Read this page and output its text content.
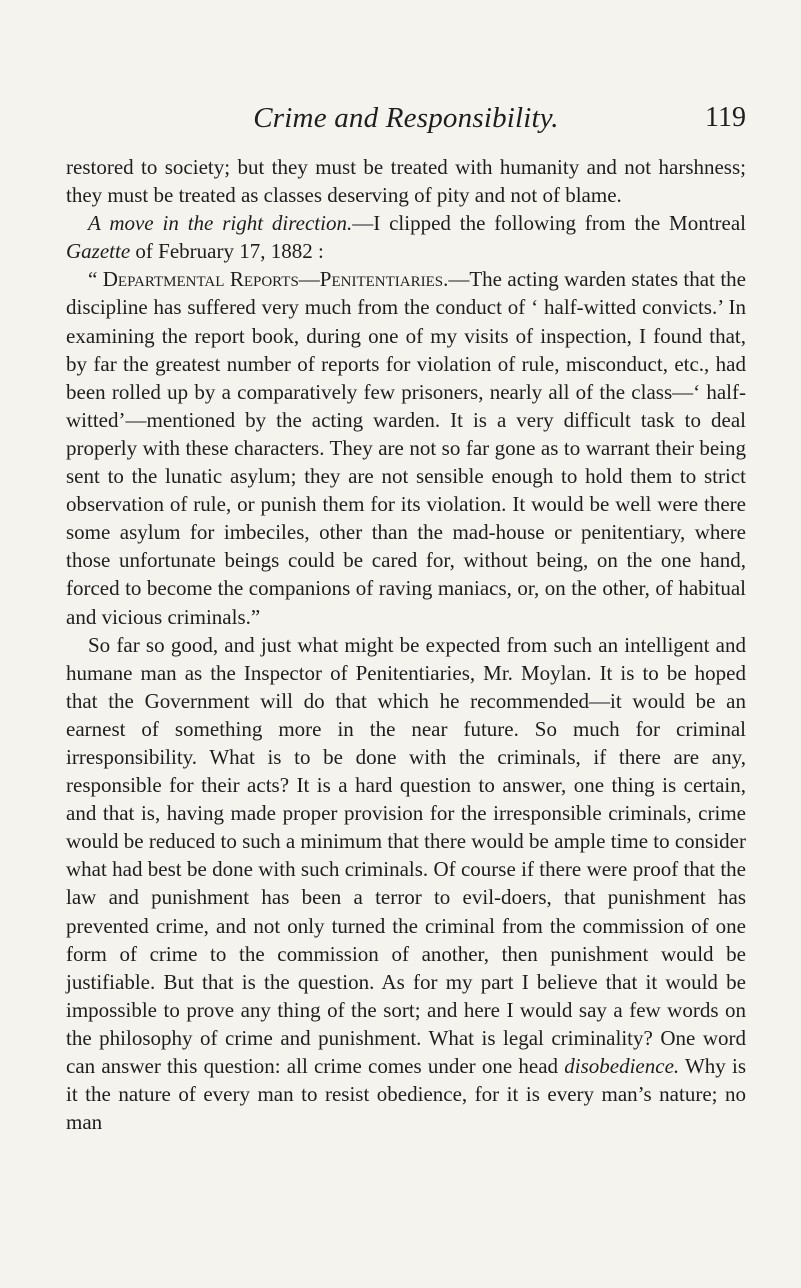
Crime and Responsibility.	119

restored to society; but they must be treated with humanity and not harshness; they must be treated as classes deserving of pity and not of blame.

A move in the right direction.—I clipped the following from the Montreal Gazette of February 17, 1882 :

“ Departmental Reports—Penitentiaries.—The acting warden states that the discipline has suffered very much from the conduct of ‘ half-witted convicts.’ In examining the report book, during one of my visits of inspection, I found that, by far the greatest number of reports for violation of rule, misconduct, etc., had been rolled up by a comparatively few prisoners, nearly all of the class—‘ half-witted’—mentioned by the acting warden. It is a very difficult task to deal properly with these characters. They are not so far gone as to warrant their being sent to the lunatic asylum; they are not sensible enough to hold them to strict observation of rule, or punish them for its violation. It would be well were there some asylum for imbeciles, other than the mad-house or penitentiary, where those unfortunate beings could be cared for, without being, on the one hand, forced to become the companions of raving maniacs, or, on the other, of habitual and vicious criminals.”

So far so good, and just what might be expected from such an intelligent and humane man as the Inspector of Penitentiaries, Mr. Moylan. It is to be hoped that the Government will do that which he recommended—it would be an earnest of something more in the near future. So much for criminal irresponsibility. What is to be done with the criminals, if there are any, responsible for their acts? It is a hard question to answer, one thing is certain, and that is, having made proper provision for the irresponsible criminals, crime would be reduced to such a minimum that there would be ample time to consider what had best be done with such criminals. Of course if there were proof that the law and punishment has been a terror to evil-doers, that punishment has prevented crime, and not only turned the criminal from the commission of one form of crime to the commission of another, then punishment would be justifiable. But that is the question. As for my part I believe that it would be impossible to prove any thing of the sort; and here I would say a few words on the philosophy of crime and punishment. What is legal criminality? One word can answer this question: all crime comes under one head disobedience. Why is it the nature of every man to resist obedience, for it is every man’s nature; no man
